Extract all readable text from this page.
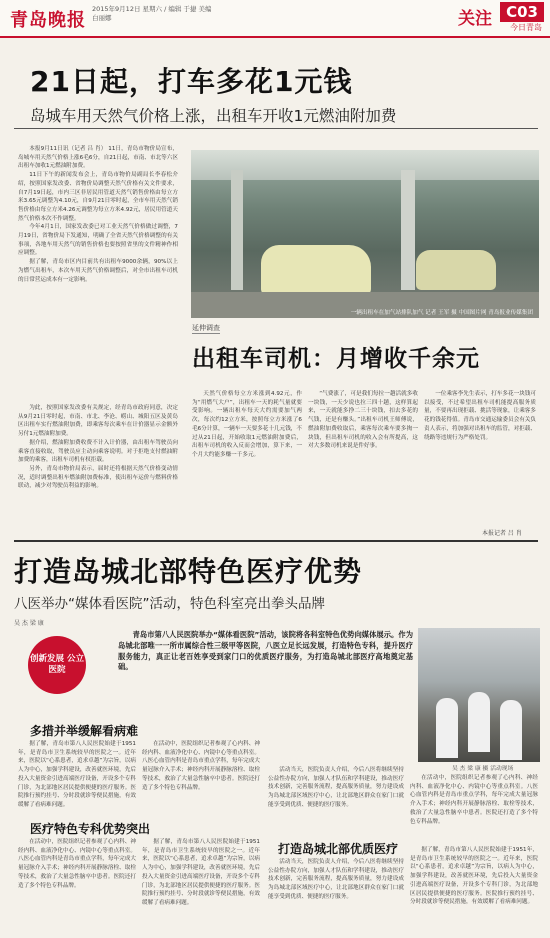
青岛晚报
2015年9月12日 星期六 / 编辑 于捷 美编 白丽娜	关注 C03
今日青岛
21日起，打车多花1元钱
岛城车用天然气价格上涨，出租车开收1元燃油附加费

本报9月11日讯（记者 吕 肖） 11日，青岛市物价局宣布，岛城车用天然气价格上涨6毛6分，自21日起，市南、市北等六区出租车加收1元燃油附加费。

11日下午的新闻发布会上，青岛市物价局副局长李春松介绍，按照国家发改委、省物价局调整天然气价格有关文件要求，自7月19日起，市内三区非居民用管道天然气销售价格由每立方米3.65元调整为4.10元，自9月21日零时起，全市车用天然气销售价格由每立方米4.26元调整为每立方米4.92元，居民用管道天然气价格本次不作调整。

今年4月1日，国家发改委已对工业天然气价格做过调整，7月19日，省物价局下发通知，明确了全省天然气价格调整的有关事项，各地车用天然气的销售价格也要按照省里的文件精神作相应调整。

据了解，青岛市区内目前共有出租车9000余辆，90%以上为燃气出租车，本次车用天然气价格调整后，对全市出租车司机的日常营运成本有一定影响。

为此，按照国家发改委有关规定，经青岛市政府同意，决定从9月21日零时起，市南、市北、李沧、崂山、城阳五区及黄岛区出租车实行燃油附加费，即乘客每次乘车在计价器显示金额外另付1元燃油附加费。

据介绍，燃油附加费收费不计入计价器，由出租车驾驶员向乘客直接收取，驾驶员应主动向乘客说明。对于拒绝支付燃油附加费的乘客，出租车司机有权拒载。

另外，青岛市物价局表示，届时还将根据天然气价格变动情况，适时调整出租车燃油附加费标准，使出租车运价与燃料价格联动，减少对驾驶员利益的影响。

一辆出租车在加气站排队加气 记者 王军 摄 中国图片网 青岛报业传媒集团
延伸调查
出租车司机：月增收千余元

天然气价格每立方米涨到4.92元，作为“用燃气大户”，出租车一天的耗气量就要受影响。一辆出租车每天大约需要加气两次，每次约12立方米，按照每立方米涨了6毛6分计算，一辆车一天要多花十几元钱，不过从21日起，开始收取1元燃油附加费后，出租车司机的收入反而会增加，算下来，一个月大约能多赚一千多元。

“气费涨了，可是我们每拉一趟活就多收一块钱，一天少说也拉三四十趟，这样算起来，一天就能多挣二三十块钱，扣去多花的气钱，还是有赚头。”出租车司机王师傅说，燃油附加费收取后，乘客每次乘车要多掏一块钱，但出租车司机的收入会有所提高，这对大多数司机来说是件好事。

一位乘客李先生表示，打车多花一块钱可以接受，不过希望出租车司机能提高服务质量，不要再出现拒载、挑活等现象，让乘客多花的钱花得值。青岛市交通运输委员会有关负责人表示，将加强对出租车的监管，对拒载、绕路等违规行为严格处罚。

本报记者 吕 肖
打造岛城北部特色医疗优势
八医举办“媒体看医院”活动，特色科室亮出拳头品牌
吴 杰 梁 康
创新发展 公立医院
青岛市第八人民医院举办“媒体看医院”活动，该院将各科室特色优势向媒体展示。作为岛城北部唯一一所市属综合性三级甲等医院，八医立足长远发展，打造特色专科，提升医疗服务能力，真正让老百姓享受到家门口的优质医疗服务，为打造岛城北部医疗高地奠定基础。
吴 杰 梁 康 摄 活动现场
多措并举缓解看病难

据了解，青岛市第八人民医院始建于1951年，是青岛市卫生系统较早的医院之一。近年来，医院以“心系患者，追求卓越”为宗旨，以病人为中心，加强学科建设，改善就医环境，先后投入大量资金引进高端医疗设备，开设多个专科门诊，为北部地区居民提供便捷的医疗服务。医院推行预约挂号、分时段就诊等便民措施，有效缓解了看病难问题。

在活动中，医院组织记者参观了心内科、神经内科、血液净化中心、内镜中心等重点科室。八医心血管内科是青岛市重点学科，每年完成大量冠脉介入手术；神经内科开展静脉溶栓、取栓等技术，救治了大量急性脑卒中患者。医院还打造了多个特色专科品牌。

医疗特色专科优势突出

在活动中，医院组织记者参观了心内科、神经内科、血液净化中心、内镜中心等重点科室。八医心血管内科是青岛市重点学科，每年完成大量冠脉介入手术；神经内科开展静脉溶栓、取栓等技术，救治了大量急性脑卒中患者。医院还打造了多个特色专科品牌。

据了解，青岛市第八人民医院始建于1951年，是青岛市卫生系统较早的医院之一。近年来，医院以“心系患者，追求卓越”为宗旨，以病人为中心，加强学科建设，改善就医环境，先后投入大量资金引进高端医疗设备，开设多个专科门诊，为北部地区居民提供便捷的医疗服务。医院推行预约挂号、分时段就诊等便民措施，有效缓解了看病难问题。

活动当天，医院负责人介绍，今后八医将继续坚持公益性办院方向，加强人才队伍和学科建设，推动医疗技术创新，完善服务流程，提高服务质量，努力建设成为岛城北部区域医疗中心，让北部地区群众在家门口就能享受到优质、便捷的医疗服务。

在活动中，医院组织记者参观了心内科、神经内科、血液净化中心、内镜中心等重点科室。八医心血管内科是青岛市重点学科，每年完成大量冠脉介入手术；神经内科开展静脉溶栓、取栓等技术，救治了大量急性脑卒中患者。医院还打造了多个特色专科品牌。

打造岛城北部优质医疗

活动当天，医院负责人介绍，今后八医将继续坚持公益性办院方向，加强人才队伍和学科建设，推动医疗技术创新，完善服务流程，提高服务质量，努力建设成为岛城北部区域医疗中心，让北部地区群众在家门口就能享受到优质、便捷的医疗服务。

据了解，青岛市第八人民医院始建于1951年，是青岛市卫生系统较早的医院之一。近年来，医院以“心系患者，追求卓越”为宗旨，以病人为中心，加强学科建设，改善就医环境，先后投入大量资金引进高端医疗设备，开设多个专科门诊，为北部地区居民提供便捷的医疗服务。医院推行预约挂号、分时段就诊等便民措施，有效缓解了看病难问题。
